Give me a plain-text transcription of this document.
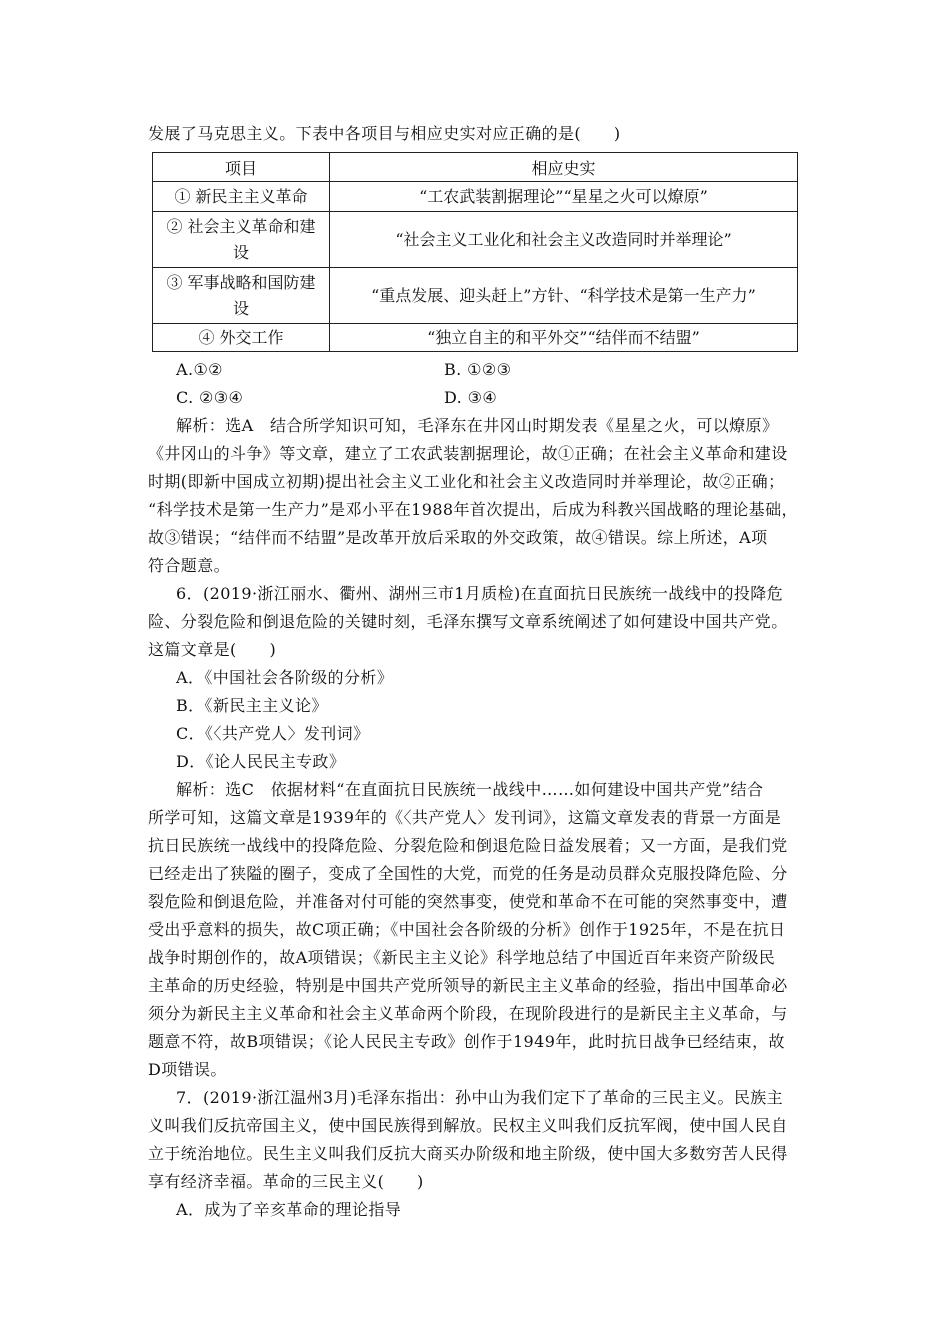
发展了马克思主义。下表中各项目与相应史实对应正确的是(　　)
项目	相应史实
① 新民主主义革命	“工农武装割据理论”“星星之火可以燎原”
② 社会主义革命和建设	“社会主义工业化和社会主义改造同时并举理论”
③ 军事战略和国防建设	“重点发展、迎头赶上”方针、“科学技术是第一生产力”
④ 外交工作	“独立自主的和平外交”“结伴而不结盟”
A.①②	B. ①②③
C. ②③④	D. ③④
解析：选A　结合所学知识可知，毛泽东在井冈山时期发表《星星之火，可以燎原》
《井冈山的斗争》等文章，建立了工农武装割据理论，故①正确；在社会主义革命和建设
时期(即新中国成立初期)提出社会主义工业化和社会主义改造同时并举理论，故②正确；
“科学技术是第一生产力”是邓小平在1988年首次提出，后成为科教兴国战略的理论基础，
故③错误；“结伴而不结盟”是改革开放后采取的外交政策，故④错误。综上所述，A项
符合题意。
6．(2019·浙江丽水、衢州、湖州三市1月质检)在直面抗日民族统一战线中的投降危
险、分裂危险和倒退危险的关键时刻，毛泽东撰写文章系统阐述了如何建设中国共产党。
这篇文章是(　　)
A．《中国社会各阶级的分析》
B．《新民主主义论》
C．《〈共产党人〉发刊词》
D．《论人民民主专政》
解析：选C　依据材料“在直面抗日民族统一战线中……如何建设中国共产党”结合
所学可知，这篇文章是1939年的《〈共产党人〉发刊词》，这篇文章发表的背景一方面是
抗日民族统一战线中的投降危险、分裂危险和倒退危险日益发展着；又一方面，是我们党
已经走出了狭隘的圈子，变成了全国性的大党，而党的任务是动员群众克服投降危险、分
裂危险和倒退危险，并准备对付可能的突然事变，使党和革命不在可能的突然事变中，遭
受出乎意料的损失，故C项正确；《中国社会各阶级的分析》创作于1925年，不是在抗日
战争时期创作的，故A项错误；《新民主主义论》科学地总结了中国近百年来资产阶级民
主革命的历史经验，特别是中国共产党所领导的新民主主义革命的经验，指出中国革命必
须分为新民主主义革命和社会主义革命两个阶段，在现阶段进行的是新民主主义革命，与
题意不符，故B项错误；《论人民民主专政》创作于1949年，此时抗日战争已经结束，故
D项错误。
7．(2019·浙江温州3月)毛泽东指出：孙中山为我们定下了革命的三民主义。民族主
义叫我们反抗帝国主义，使中国民族得到解放。民权主义叫我们反抗军阀，使中国人民自
立于统治地位。民生主义叫我们反抗大商买办阶级和地主阶级，使中国大多数穷苦人民得
享有经济幸福。革命的三民主义(　　)
A．成为了辛亥革命的理论指导
